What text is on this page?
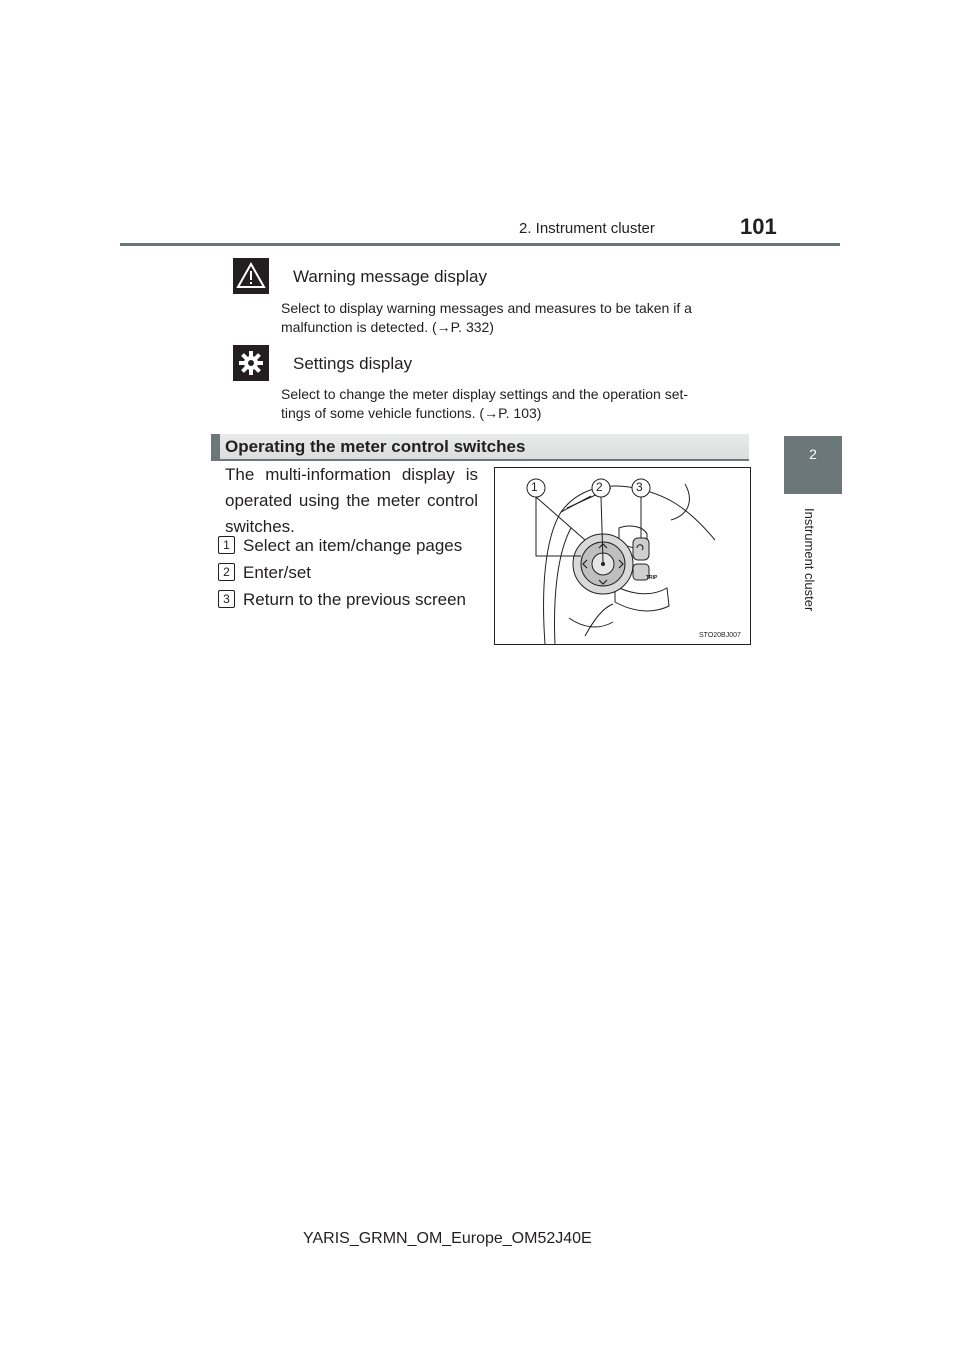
2. Instrument cluster	101
2
Instrument cluster
Warning message display
Select to display warning messages and measures to be taken if a
malfunction is detected. (→P. 332)
Settings display
Select to change the meter display settings and the operation set-
tings of some vehicle functions. (→P. 103)
Operating the meter control switches
The multi-information display is
operated using the meter control
switches.
1 Select an item/change pages
2 Enter/set
3 Return to the previous screen
1	2	3
TRIP
STO20BJ007
YARIS_GRMN_OM_Europe_OM52J40E
